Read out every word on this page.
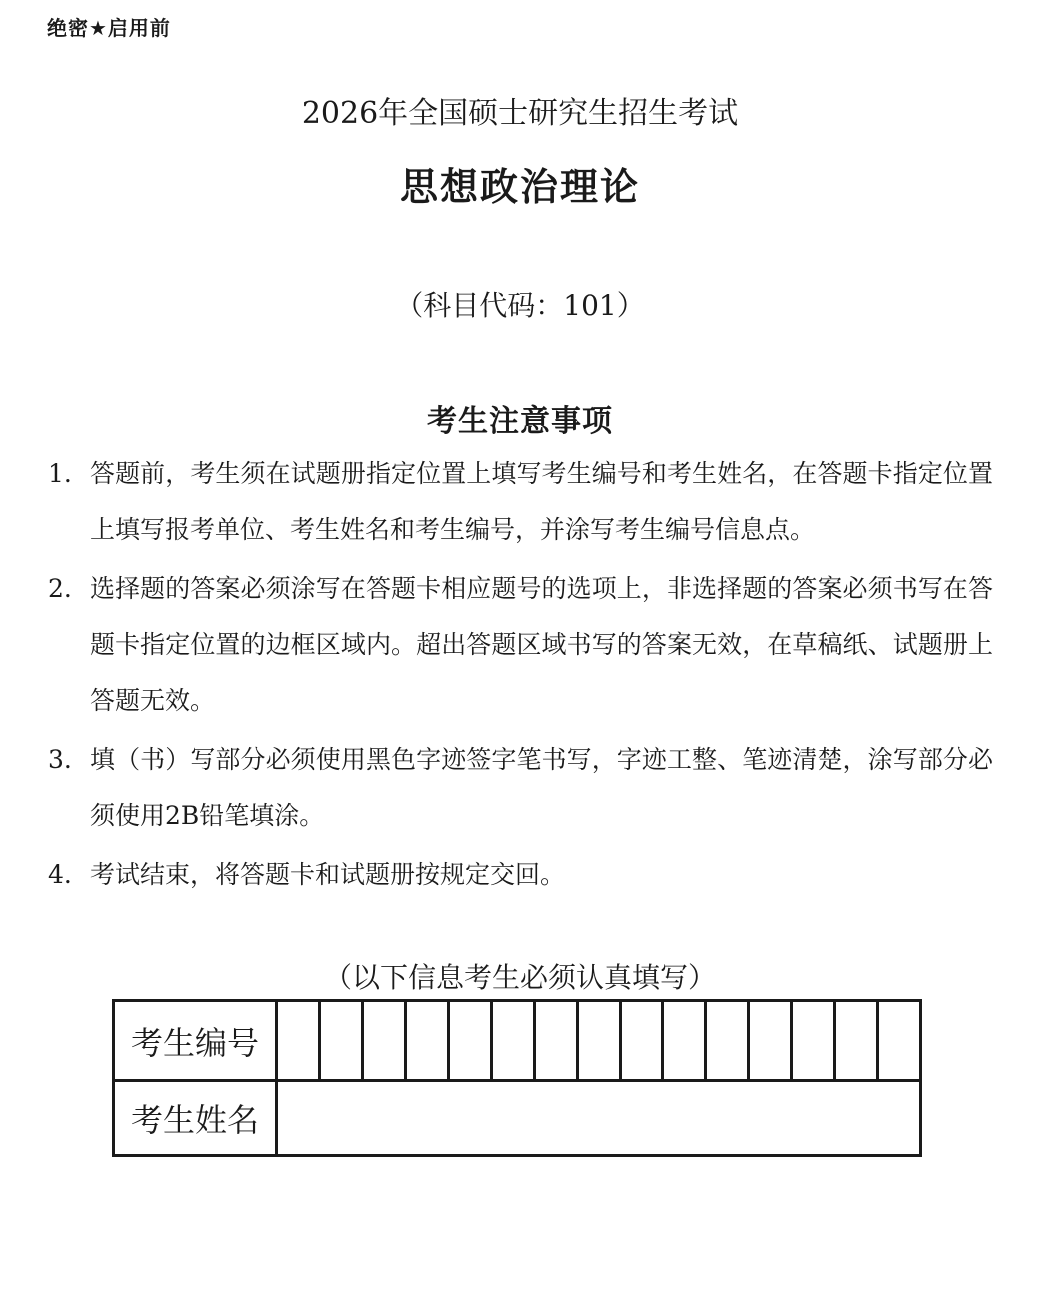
绝密★启用前
2026年全国硕士研究生招生考试
思想政治理论
（科目代码：101）
考生注意事项
1. 答题前，考生须在试题册指定位置上填写考生编号和考生姓名，在答题卡指定位置上填写报考单位、考生姓名和考生编号，并涂写考生编号信息点。
2. 选择题的答案必须涂写在答题卡相应题号的选项上，非选择题的答案必须书写在答题卡指定位置的边框区域内。超出答题区域书写的答案无效，在草稿纸、试题册上答题无效。
3. 填（书）写部分必须使用黑色字迹签字笔书写，字迹工整、笔迹清楚，涂写部分必须使用2B铅笔填涂。
4. 考试结束，将答题卡和试题册按规定交回。
（以下信息考生必须认真填写）
考生编号
考生姓名
